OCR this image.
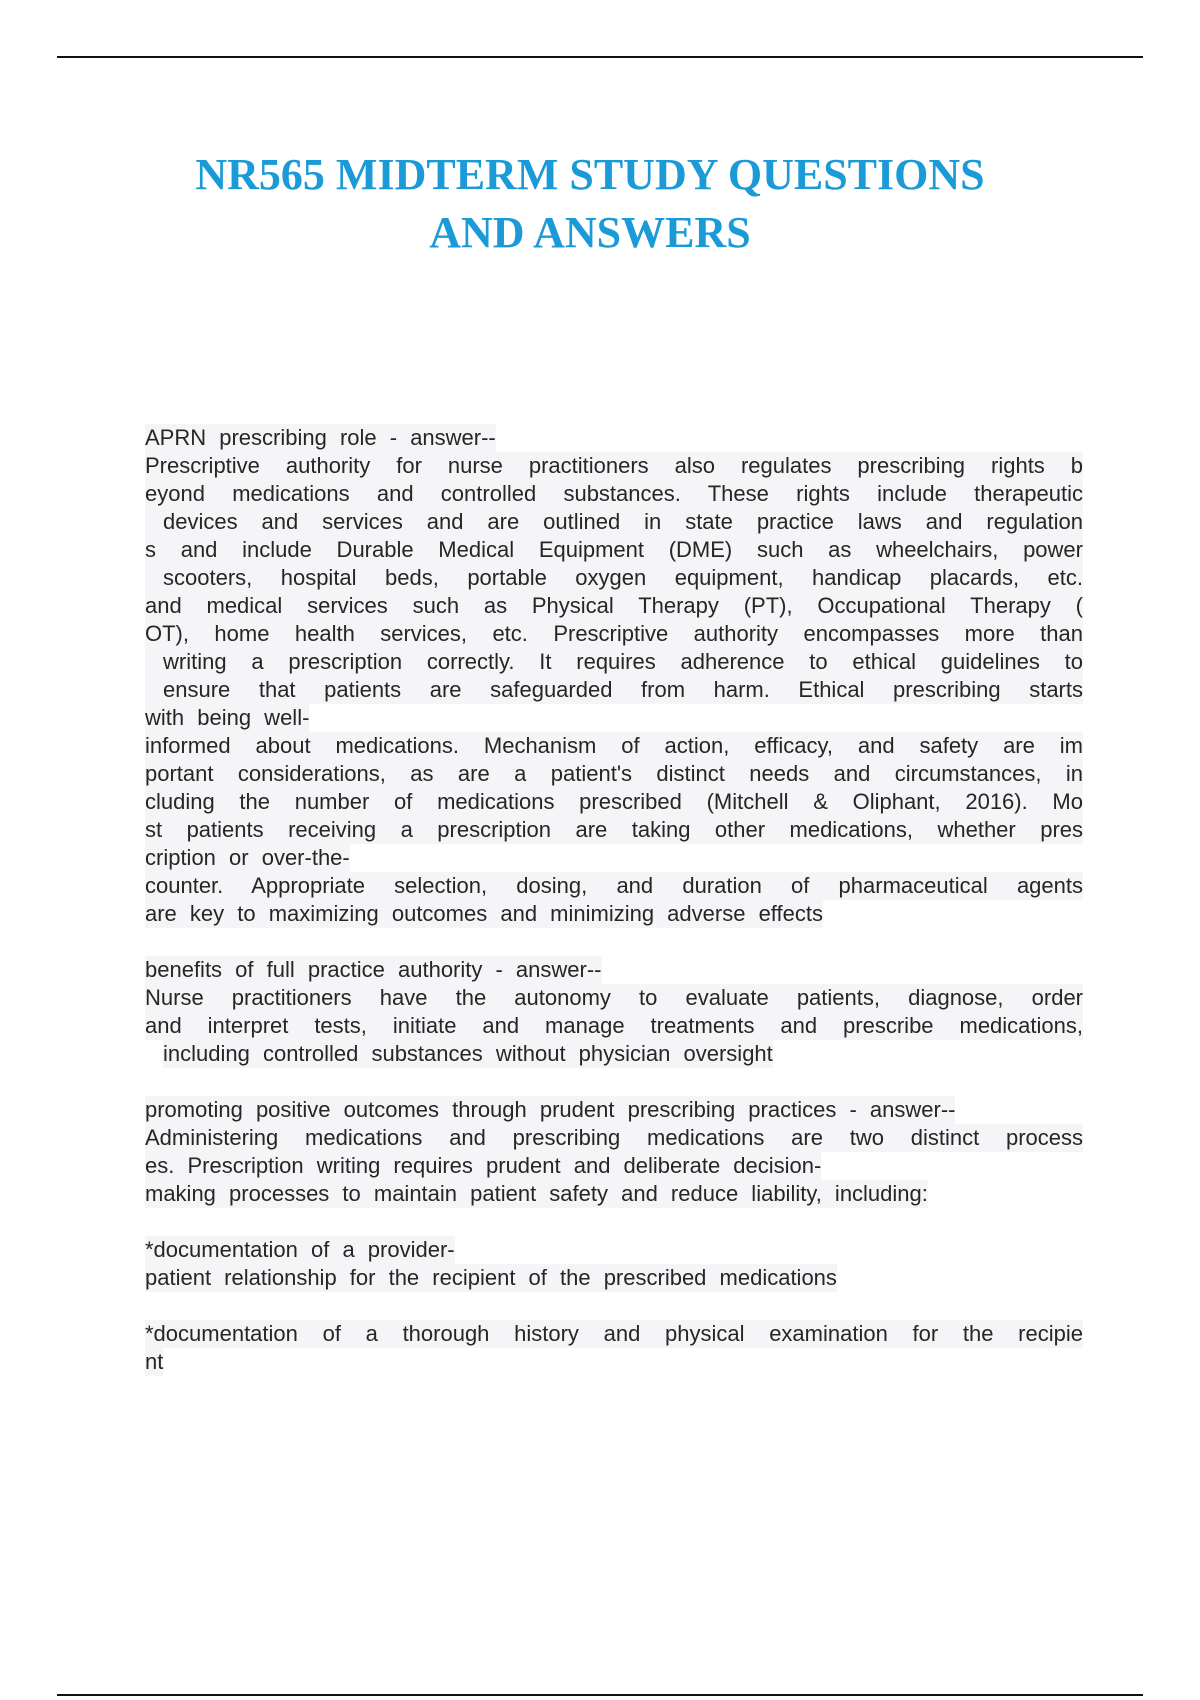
NR565 MIDTERM STUDY QUESTIONS
AND ANSWERS
APRN prescribing role - answer--
Prescriptive authority for nurse practitioners also regulates prescribing rights b
eyond medications and controlled substances. These rights include therapeutic
devices and services and are outlined in state practice laws and regulation
s and include Durable Medical Equipment (DME) such as wheelchairs, power
scooters, hospital beds, portable oxygen equipment, handicap placards, etc.
and medical services such as Physical Therapy (PT), Occupational Therapy (
OT), home health services, etc. Prescriptive authority encompasses more than
writing a prescription correctly. It requires adherence to ethical guidelines to
ensure that patients are safeguarded from harm. Ethical prescribing starts
with being well-
informed about medications. Mechanism of action, efficacy, and safety are im
portant considerations, as are a patient's distinct needs and circumstances, in
cluding the number of medications prescribed (Mitchell & Oliphant, 2016). Mo
st patients receiving a prescription are taking other medications, whether pres
cription or over-the-
counter. Appropriate selection, dosing, and duration of pharmaceutical agents
are key to maximizing outcomes and minimizing adverse effects
benefits of full practice authority - answer--
Nurse practitioners have the autonomy to evaluate patients, diagnose, order
and interpret tests, initiate and manage treatments and prescribe medications,
including controlled substances without physician oversight
promoting positive outcomes through prudent prescribing practices - answer--
Administering medications and prescribing medications are two distinct process
es. Prescription writing requires prudent and deliberate decision-
making processes to maintain patient safety and reduce liability, including:
*documentation of a provider-
patient relationship for the recipient of the prescribed medications
*documentation of a thorough history and physical examination for the recipie
nt
